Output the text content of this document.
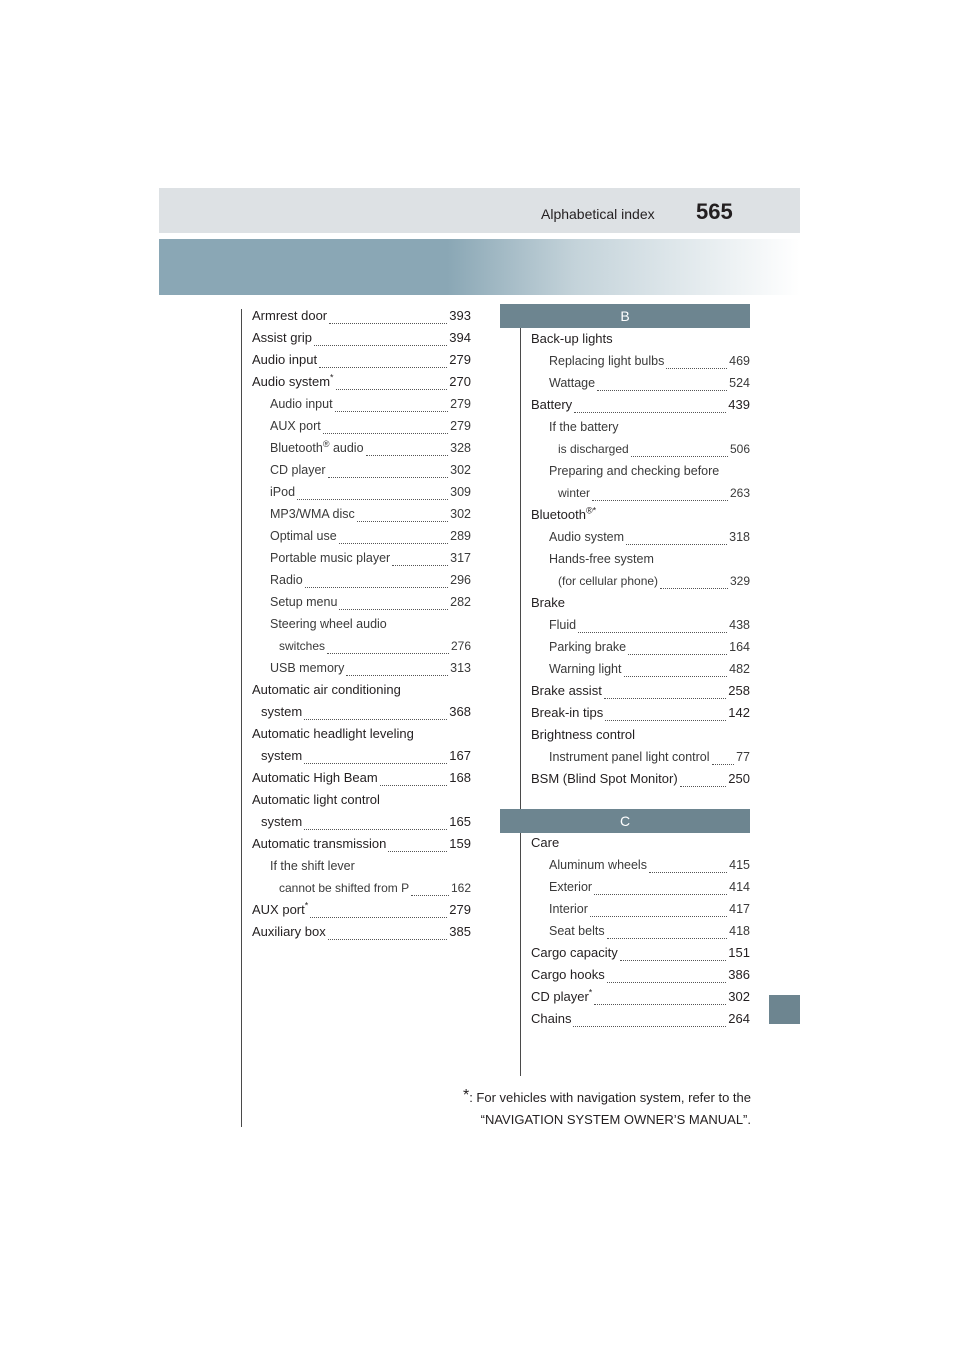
Alphabetical index 565
Armrest door	393
Assist grip	394
Audio input	279
Audio system*	270
Audio input	279
AUX port	279
Bluetooth® audio	328
CD player	302
iPod	309
MP3/WMA disc	302
Optimal use	289
Portable music player	317
Radio	296
Setup menu	282
Steering wheel audio
switches	276
USB memory	313
Automatic air conditioning
system	368
Automatic headlight leveling
system	167
Automatic High Beam	168
Automatic light control
system	165
Automatic transmission	159
If the shift lever
cannot be shifted from P	162
AUX port*	279
Auxiliary box	385
B
Back-up lights
Replacing light bulbs	469
Wattage	524
Battery	439
If the battery
is discharged	506
Preparing and checking before
winter	263
Bluetooth®*
Audio system	318
Hands-free system
(for cellular phone)	329
Brake
Fluid	438
Parking brake	164
Warning light	482
Brake assist	258
Break-in tips	142
Brightness control
Instrument panel light control 77
BSM (Blind Spot Monitor)	250
C
Care
Aluminum wheels	415
Exterior	414
Interior	417
Seat belts	418
Cargo capacity	151
Cargo hooks	386
CD player*	302
Chains	264
*: For vehicles with navigation system, refer to the
“NAVIGATION SYSTEM OWNER’S MANUAL”.
